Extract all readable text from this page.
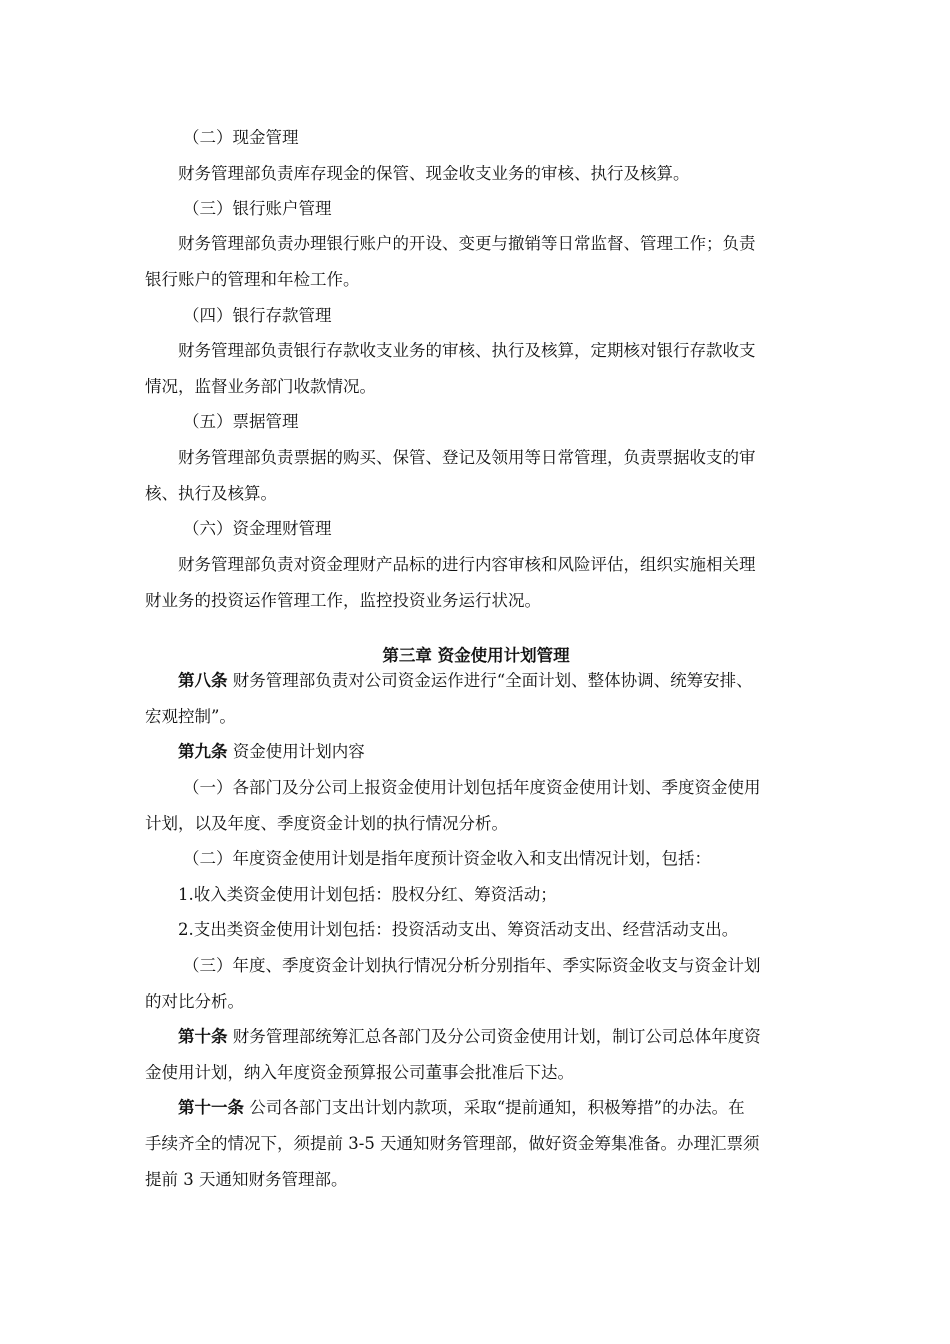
（二）现金管理
财务管理部负责库存现金的保管、现金收支业务的审核、执行及核算。
（三）银行账户管理
财务管理部负责办理银行账户的开设、变更与撤销等日常监督、管理工作；负责
银行账户的管理和年检工作。
（四）银行存款管理
财务管理部负责银行存款收支业务的审核、执行及核算，定期核对银行存款收支
情况，监督业务部门收款情况。
（五）票据管理
财务管理部负责票据的购买、保管、登记及领用等日常管理，负责票据收支的审
核、执行及核算。
（六）资金理财管理
财务管理部负责对资金理财产品标的进行内容审核和风险评估，组织实施相关理
财业务的投资运作管理工作，监控投资业务运行状况。
第三章 资金使用计划管理
第八条 财务管理部负责对公司资金运作进行“全面计划、整体协调、统筹安排、
宏观控制”。
第九条 资金使用计划内容
（一）各部门及分公司上报资金使用计划包括年度资金使用计划、季度资金使用
计划，以及年度、季度资金计划的执行情况分析。
（二）年度资金使用计划是指年度预计资金收入和支出情况计划，包括：
1.收入类资金使用计划包括：股权分红、筹资活动；
2.支出类资金使用计划包括：投资活动支出、筹资活动支出、经营活动支出。
（三）年度、季度资金计划执行情况分析分别指年、季实际资金收支与资金计划
的对比分析。
第十条 财务管理部统筹汇总各部门及分公司资金使用计划，制订公司总体年度资
金使用计划，纳入年度资金预算报公司董事会批准后下达。
第十一条 公司各部门支出计划内款项，采取“提前通知，积极筹措”的办法。在
手续齐全的情况下，须提前 3-5 天通知财务管理部，做好资金筹集准备。办理汇票须
提前 3 天通知财务管理部。
